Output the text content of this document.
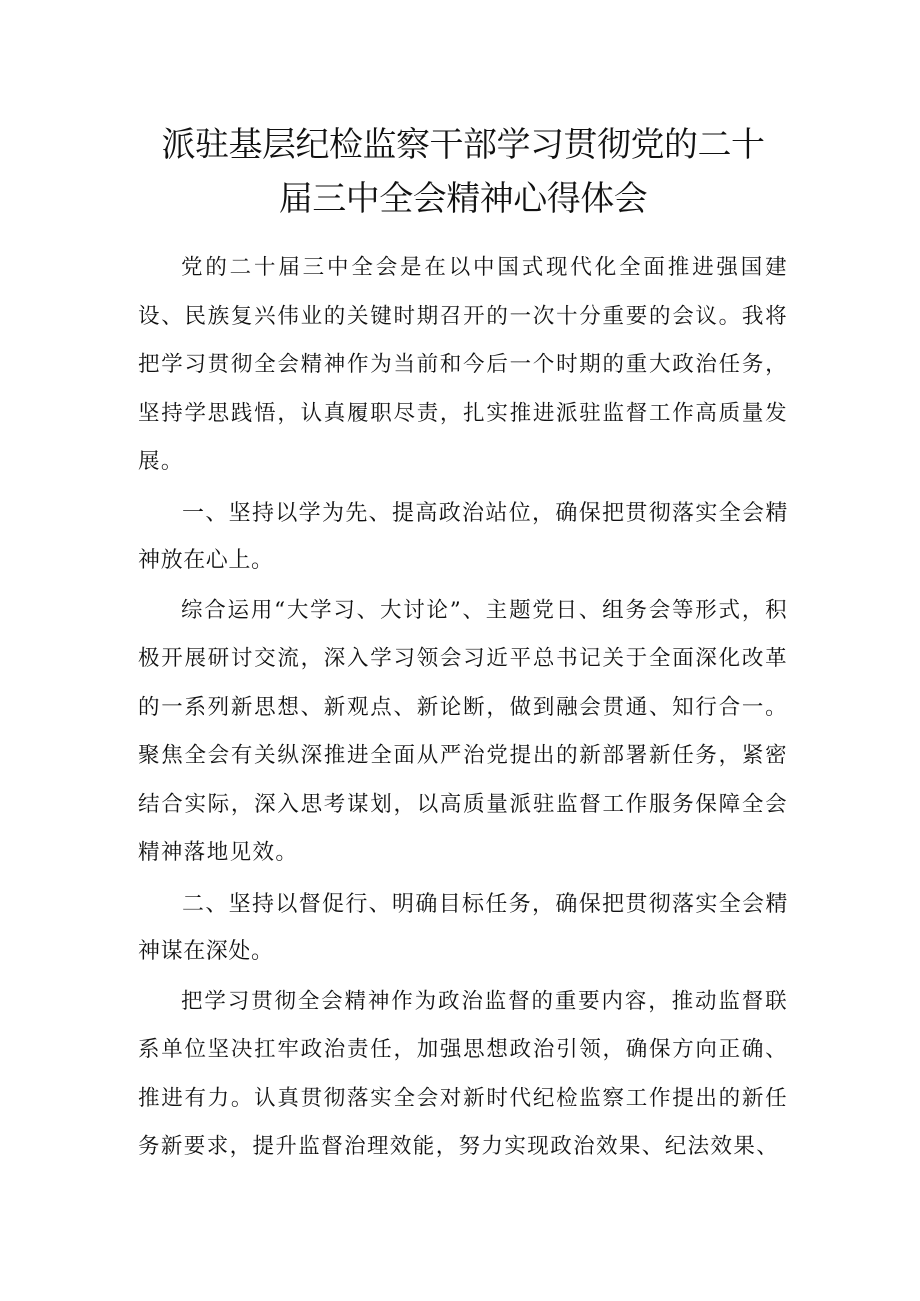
派驻基层纪检监察干部学习贯彻党的二十
届三中全会精神心得体会

党的二十届三中全会是在以中国式现代化全面推进强国建设、民族复兴伟业的关键时期召开的一次十分重要的会议。我将把学习贯彻全会精神作为当前和今后一个时期的重大政治任务，坚持学思践悟，认真履职尽责，扎实推进派驻监督工作高质量发展。

一、坚持以学为先、提高政治站位，确保把贯彻落实全会精神放在心上。

综合运用“大学习、大讨论”、主题党日、组务会等形式，积极开展研讨交流，深入学习领会习近平总书记关于全面深化改革的一系列新思想、新观点、新论断，做到融会贯通、知行合一。聚焦全会有关纵深推进全面从严治党提出的新部署新任务，紧密结合实际，深入思考谋划，以高质量派驻监督工作服务保障全会精神落地见效。

二、坚持以督促行、明确目标任务，确保把贯彻落实全会精神谋在深处。

把学习贯彻全会精神作为政治监督的重要内容，推动监督联系单位坚决扛牢政治责任，加强思想政治引领，确保方向正确、推进有力。认真贯彻落实全会对新时代纪检监察工作提出的新任务新要求，提升监督治理效能，努力实现政治效果、纪法效果、
